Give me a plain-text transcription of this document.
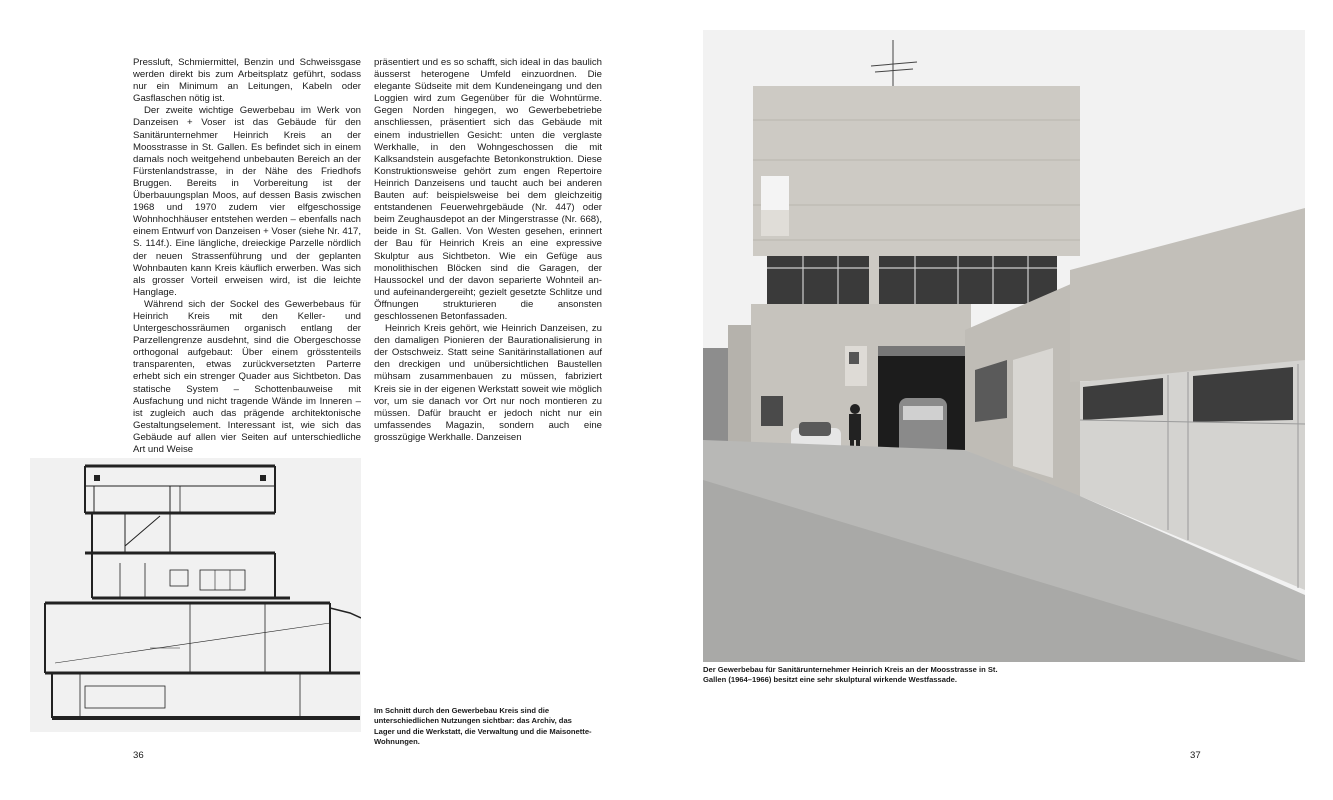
Pressluft, Schmiermittel, Benzin und Schweissgase werden direkt bis zum Arbeitsplatz geführt, sodass nur ein Minimum an Leitungen, Kabeln oder Gasflaschen nötig ist.

Der zweite wichtige Gewerbebau im Werk von Danzeisen + Voser ist das Gebäude für den Sanitärunternehmer Heinrich Kreis an der Moosstrasse in St. Gallen. Es befindet sich in einem damals noch weitgehend unbebauten Bereich an der Fürstenlandstrasse, in der Nähe des Friedhofs Bruggen. Bereits in Vorbereitung ist der Überbauungsplan Moos, auf dessen Basis zwischen 1968 und 1970 zudem vier elfgeschossige Wohnhochhäuser entstehen werden – ebenfalls nach einem Entwurf von Danzeisen + Voser (siehe Nr. 417, S. 114f.). Eine längliche, dreieckige Parzelle nördlich der neuen Strassenführung und der geplanten Wohnbauten kann Kreis käuflich erwerben. Was sich als grosser Vorteil erweisen wird, ist die leichte Hanglage.

Während sich der Sockel des Gewerbebaus für Heinrich Kreis mit den Keller- und Untergeschossräumen organisch entlang der Parzellengrenze ausdehnt, sind die Obergeschosse orthogonal aufgebaut: Über einem grösstenteils transparenten, etwas zurückversetzten Parterre erhebt sich ein strenger Quader aus Sichtbeton. Das statische System – Schottenbauweise mit Ausfachung und nicht tragende Wände im Inneren – ist zugleich auch das prägende architektonische Gestaltungselement. Interessant ist, wie sich das Gebäude auf allen vier Seiten auf unterschiedliche Art und Weise

präsentiert und es so schafft, sich ideal in das baulich äusserst heterogene Umfeld einzuordnen. Die elegante Südseite mit dem Kundeneingang und den Loggien wird zum Gegenüber für die Wohntürme. Gegen Norden hingegen, wo Gewerbebetriebe anschliessen, präsentiert sich das Gebäude mit einem industriellen Gesicht: unten die verglaste Werkhalle, in den Wohngeschossen die mit Kalksandstein ausgefachte Betonkonstruktion. Diese Konstruktionsweise gehört zum engen Repertoire Heinrich Danzeisens und taucht auch bei anderen Bauten auf: beispielsweise bei dem gleichzeitig entstandenen Feuerwehrgebäude (Nr. 447) oder beim Zeughausdepot an der Mingerstrasse (Nr. 668), beide in St. Gallen. Von Westen gesehen, erinnert der Bau für Heinrich Kreis an eine expressive Skulptur aus Sichtbeton. Wie ein Gefüge aus monolithischen Blöcken sind die Garagen, der Haussockel und der davon separierte Wohnteil an- und aufeinandergereiht; gezielt gesetzte Schlitze und Öffnungen strukturieren die ansonsten geschlossenen Betonfassaden.

Heinrich Kreis gehört, wie Heinrich Danzeisen, zu den damaligen Pionieren der Baurationalisierung in der Ostschweiz. Statt seine Sanitärinstallationen auf den dreckigen und unübersichtlichen Baustellen mühsam zusammenbauen zu müssen, fabriziert Kreis sie in der eigenen Werkstatt soweit wie möglich vor, um sie danach vor Ort nur noch montieren zu müssen. Dafür braucht er jedoch nicht nur ein umfassendes Magazin, sondern auch eine grosszügige Werkhalle. Danzeisen

Im Schnitt durch den Gewerbebau Kreis sind die unterschiedlichen Nutzungen sichtbar: das Archiv, das Lager und die Werkstatt, die Verwaltung und die Maisonette-Wohnungen.
36
Der Gewerbebau für Sanitärunternehmer Heinrich Kreis an der Moosstrasse in St. Gallen (1964–1966) besitzt eine sehr skulptural wirkende Westfassade.
37
